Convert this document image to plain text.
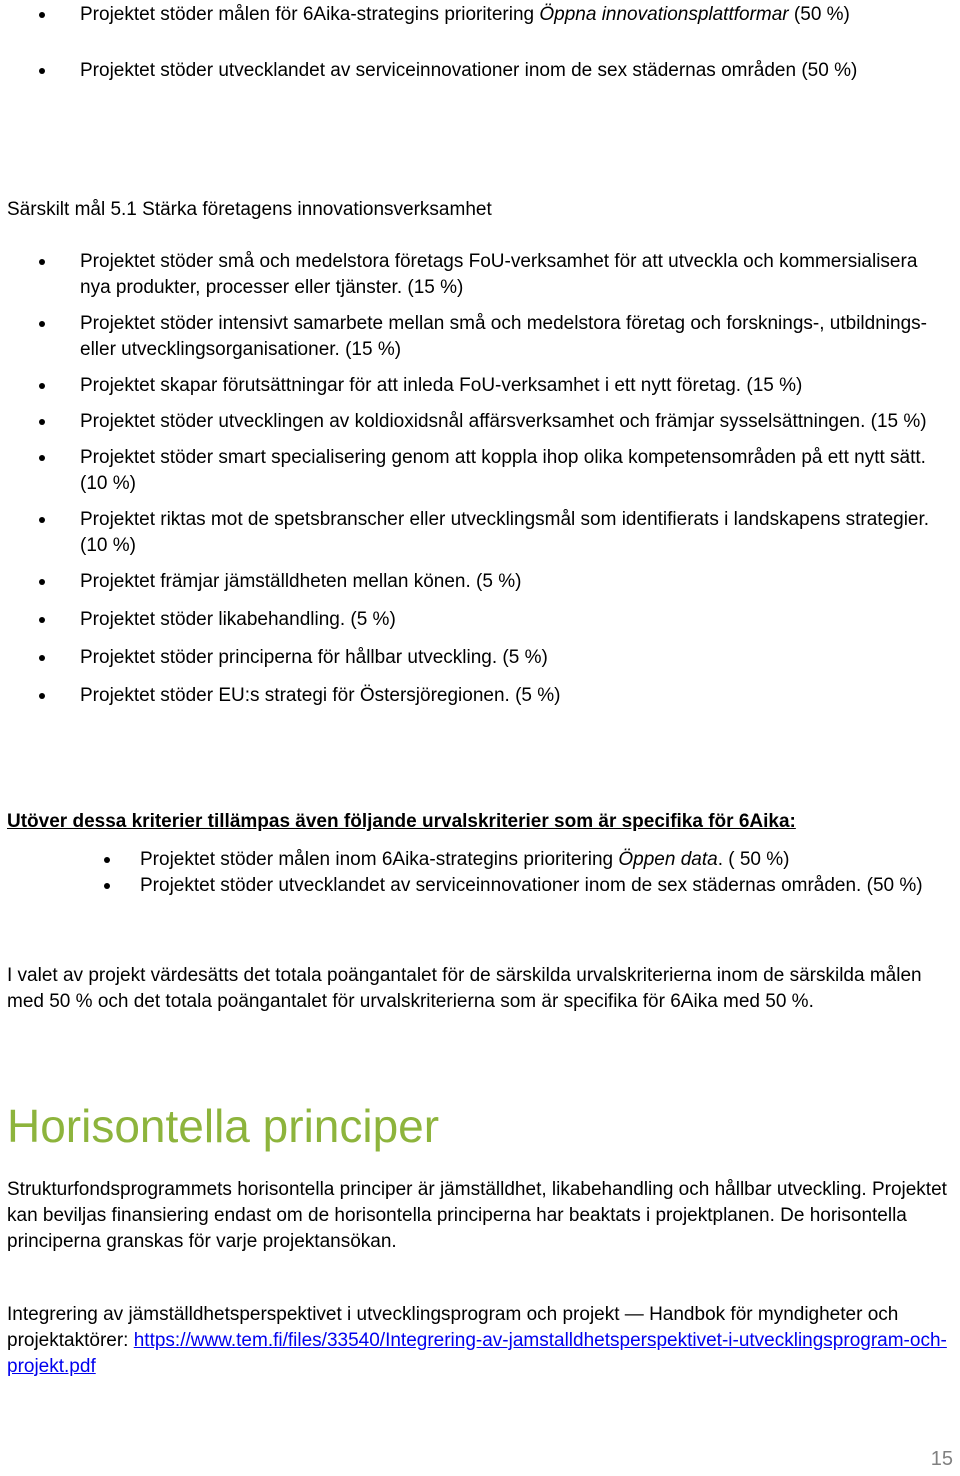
Projektet stöder målen för 6Aika-strategins prioritering Öppna innovationsplattformar (50 %)
Projektet stöder utvecklandet av serviceinnovationer inom de sex städernas områden (50 %)

Särskilt mål 5.1 Stärka företagens innovationsverksamhet

Projektet stöder små och medelstora företags FoU-verksamhet för att utveckla och kommersialisera nya produkter, processer eller tjänster. (15 %)
Projektet stöder intensivt samarbete mellan små och medelstora företag och forsknings-, utbildnings- eller utvecklingsorganisationer. (15 %)
Projektet skapar förutsättningar för att inleda FoU-verksamhet i ett nytt företag. (15 %)
Projektet stöder utvecklingen av koldioxidsnål affärsverksamhet och främjar sysselsättningen. (15 %)
Projektet stöder smart specialisering genom att koppla ihop olika kompetensområden på ett nytt sätt. (10 %)
Projektet riktas mot de spetsbranscher eller utvecklingsmål som identifierats i landskapens strategier. (10 %)
Projektet främjar jämställdheten mellan könen. (5 %)
Projektet stöder likabehandling. (5 %)
Projektet stöder principerna för hållbar utveckling. (5 %)
Projektet stöder EU:s strategi för Östersjöregionen. (5 %)

Utöver dessa kriterier tillämpas även följande urvalskriterier som är specifika för 6Aika:

Projektet stöder målen inom 6Aika-strategins prioritering Öppen data. ( 50 %)
Projektet stöder utvecklandet av serviceinnovationer inom de sex städernas områden. (50 %)

I valet av projekt värdesätts det totala poängantalet för de särskilda urvalskriterierna inom de särskilda målen med 50 % och det totala poängantalet för urvalskriterierna som är specifika för 6Aika med 50 %.

Horisontella principer

Strukturfondsprogrammets horisontella principer är jämställdhet, likabehandling och hållbar utveckling. Projektet kan beviljas finansiering endast om de horisontella principerna har beaktats i projektplanen. De horisontella principerna granskas för varje projektansökan.

Integrering av jämställdhetsperspektivet i utvecklingsprogram och projekt — Handbok för myndigheter och projektaktörer: https://www.tem.fi/files/33540/Integrering-av-jamstalldhetsperspektivet-i-utvecklingsprogram-och-projekt.pdf

15
